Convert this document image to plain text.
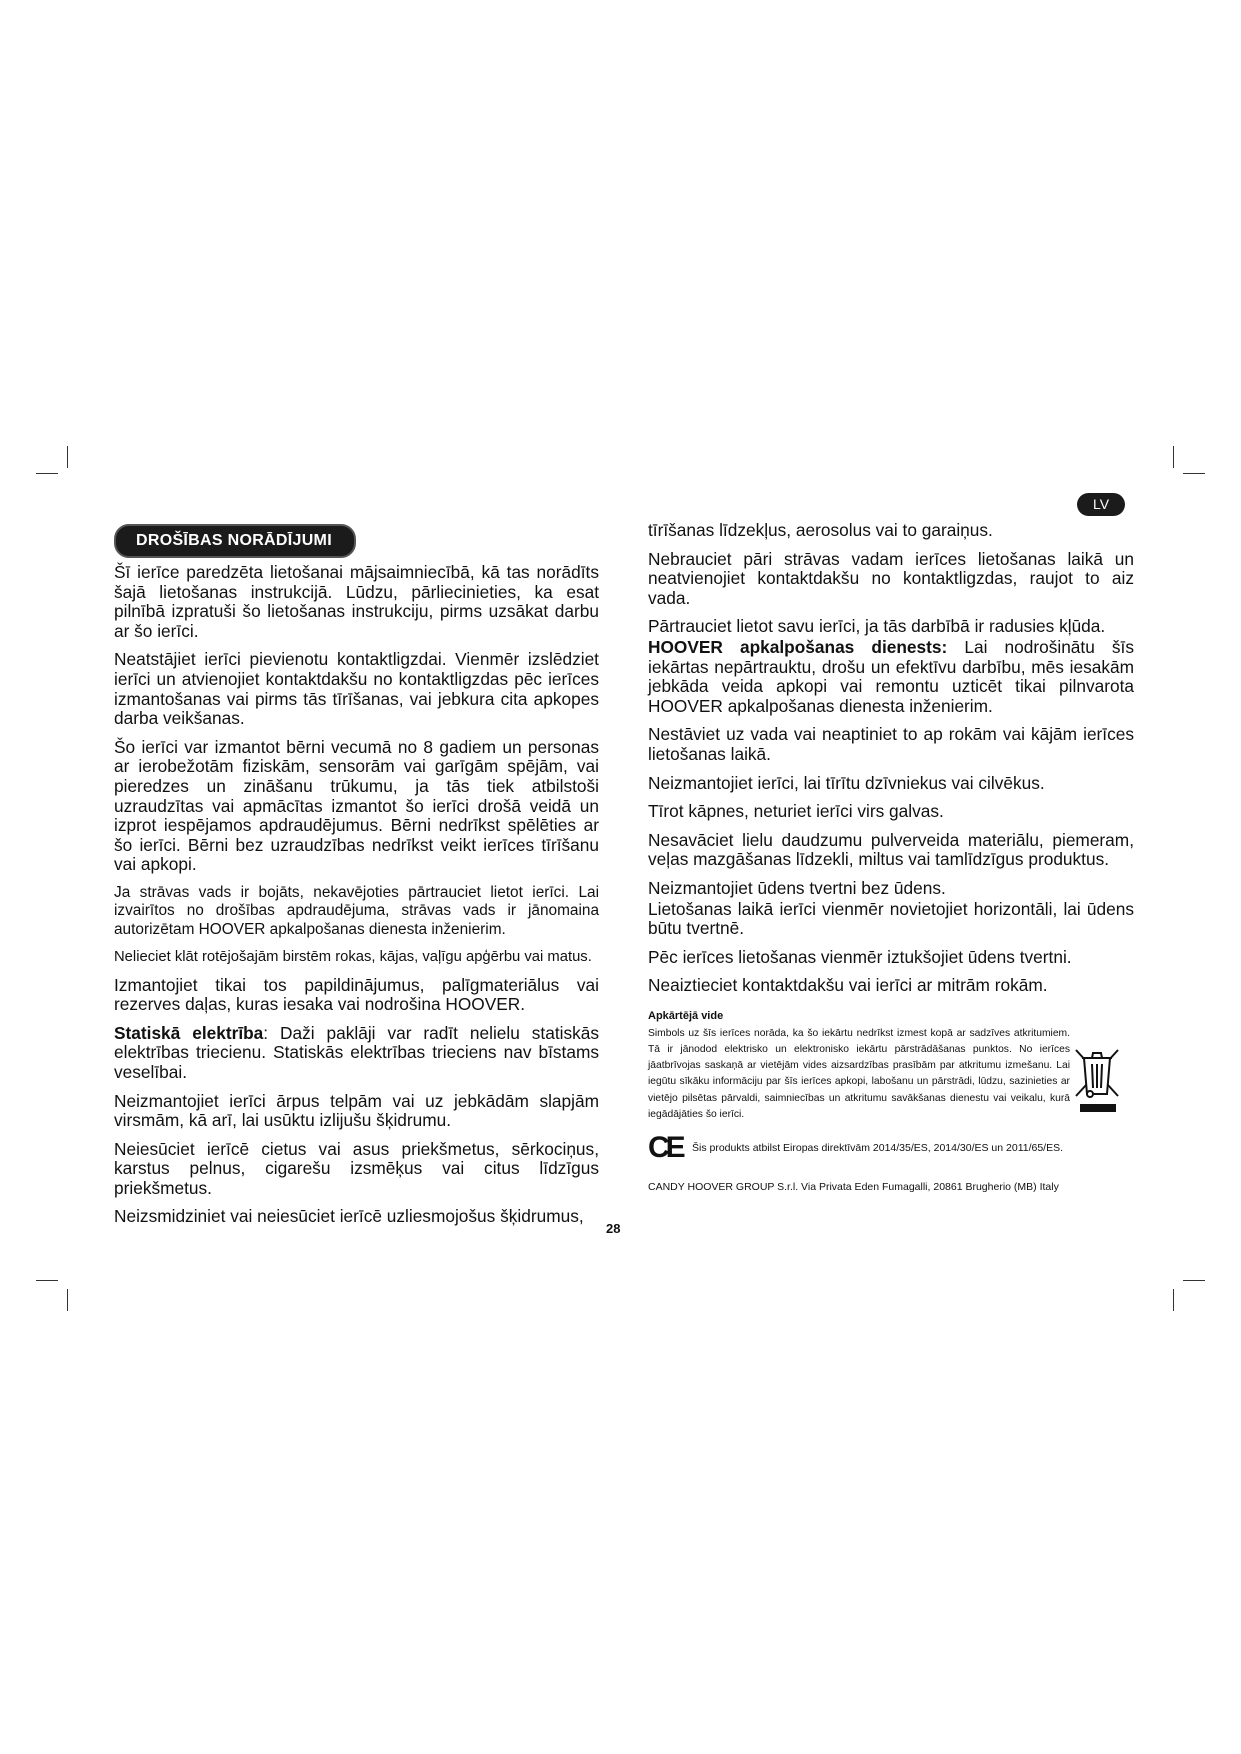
DROŠĪBAS NORĀDĪJUMI
LV

Šī ierīce paredzēta lietošanai mājsaimniecībā, kā tas norādīts šajā lietošanas instrukcijā. Lūdzu, pārliecinieties, ka esat pilnībā izpratuši šo lietošanas instrukciju, pirms uzsākat darbu ar šo ierīci.

Neatstājiet ierīci pievienotu kontaktligzdai. Vienmēr izslēdziet ierīci un atvienojiet kontaktdakšu no kontaktligzdas pēc ierīces izmantošanas vai pirms tās tīrīšanas, vai jebkura cita apkopes darba veikšanas.

Šo ierīci var izmantot bērni vecumā no 8 gadiem un personas ar ierobežotām fiziskām, sensorām vai garīgām spējām, vai pieredzes un zināšanu trūkumu, ja tās tiek atbilstoši uzraudzītas vai apmācītas izmantot šo ierīci drošā veidā un izprot iespējamos apdraudējumus. Bērni nedrīkst spēlēties ar šo ierīci. Bērni bez uzraudzības nedrīkst veikt ierīces tīrīšanu vai apkopi.

Ja strāvas vads ir bojāts, nekavējoties pārtrauciet lietot ierīci. Lai izvairītos no drošības apdraudējuma, strāvas vads ir jānomaina autorizētam HOOVER apkalpošanas dienesta inženierim.

Nelieciet klāt rotējošajām birstēm rokas, kājas, vaļīgu apģērbu vai matus.

Izmantojiet tikai tos papildinājumus, palīgmateriālus vai rezerves daļas, kuras iesaka vai nodrošina HOOVER.

Statiskā elektrība: Daži paklāji var radīt nelielu statiskās elektrības triecienu. Statiskās elektrības trieciens nav bīstams veselībai.

Neizmantojiet ierīci ārpus telpām vai uz jebkādām slapjām virsmām, kā arī, lai usūktu izlijušu šķidrumu.

Neiesūciet ierīcē cietus vai asus priekšmetus, sērkociņus, karstus pelnus, cigarešu izsmēķus vai citus līdzīgus priekšmetus.

Neizsmidziniet vai neiesūciet ierīcē uzliesmojošus šķidrumus,

tīrīšanas līdzekļus, aerosolus vai to garaiņus.

Nebrauciet pāri strāvas vadam ierīces lietošanas laikā un neatvienojiet kontaktdakšu no kontaktligzdas, raujot to aiz vada.

Pārtrauciet lietot savu ierīci, ja tās darbībā ir radusies kļūda.

HOOVER apkalpošanas dienests: Lai nodrošinātu šīs iekārtas nepārtrauktu, drošu un efektīvu darbību, mēs iesakām jebkāda veida apkopi vai remontu uzticēt tikai pilnvarota HOOVER apkalpošanas dienesta inženierim.

Nestāviet uz vada vai neaptiniet to ap rokām vai kājām ierīces lietošanas laikā.

Neizmantojiet ierīci, lai tīrītu dzīvniekus vai cilvēkus.

Tīrot kāpnes, neturiet ierīci virs galvas.

Nesavāciet lielu daudzumu pulverveida materiālu, piemeram, veļas mazgāšanas līdzekli, miltus vai tamlīdzīgus produktus.

Neizmantojiet ūdens tvertni bez ūdens.

Lietošanas laikā ierīci vienmēr novietojiet horizontāli, lai ūdens būtu tvertnē.

Pēc ierīces lietošanas vienmēr iztukšojiet ūdens tvertni.

Neaiztieciet kontaktdakšu vai ierīci ar mitrām rokām.

Apkārtējā vide

Simbols uz šīs ierīces norāda, ka šo iekārtu nedrīkst izmest kopā ar sadzīves atkritumiem. Tā ir jānodod elektrisko un elektronisko iekārtu pārstrādāšanas punktos. No ierīces jāatbrīvojas saskaņā ar vietējām vides aizsardzības prasībām par atkritumu izmešanu. Lai iegūtu sīkāku informāciju par šīs ierīces apkopi, labošanu un pārstrādi, lūdzu, sazinieties ar vietējo pilsētas pārvaldi, saimniecības un atkritumu savākšanas dienestu vai veikalu, kurā iegādājāties šo ierīci.

CE Šis produkts atbilst Eiropas direktīvām 2014/35/ES, 2014/30/ES un 2011/65/ES.
CANDY HOOVER GROUP S.r.l. Via Privata Eden Fumagalli, 20861 Brugherio (MB) Italy
28
